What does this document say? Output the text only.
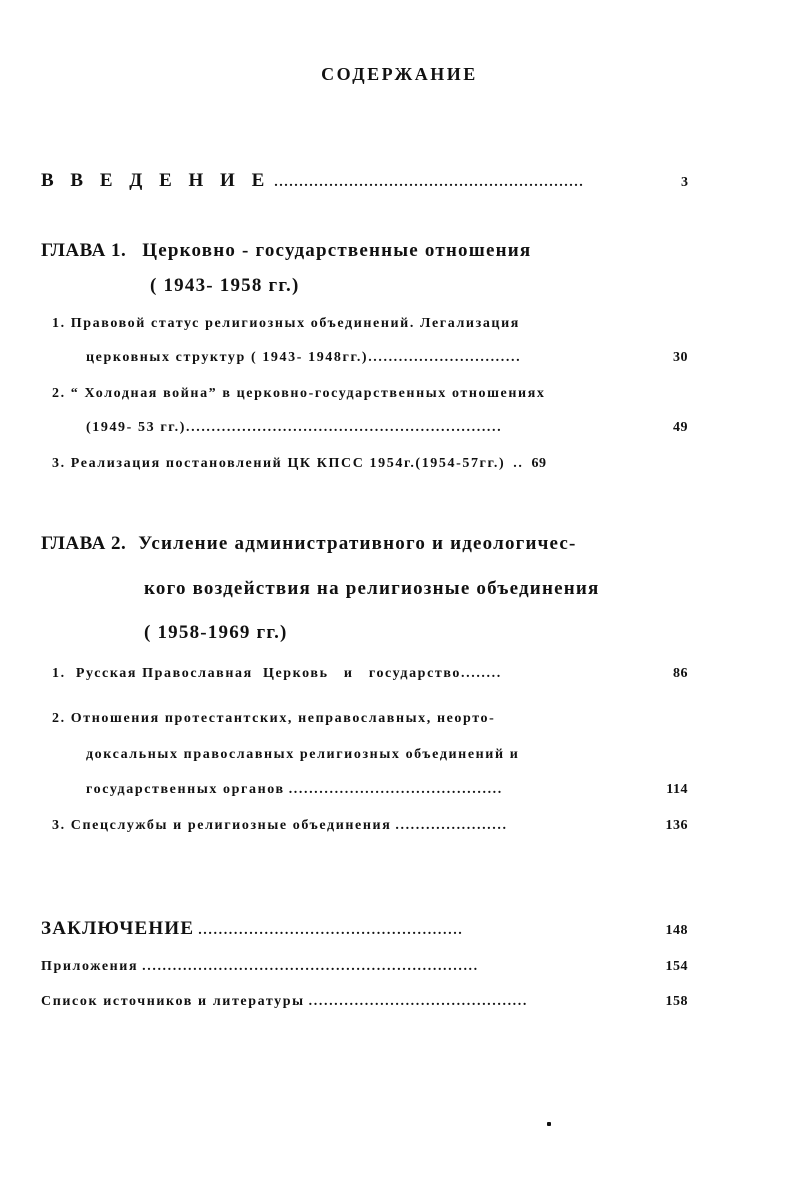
СОДЕРЖАНИЕ
В В Е Д Е Н И Е ..............................................................	3
ГЛАВА 1. Церковно - государственные отношения
( 1943- 1958 гг.)
1. Правовой статус религиозных объединений. Легализация
церковных структур ( 1943- 1948гг.) ..............................	30
2. “ Холодная война” в церковно-государственных отношениях
(1949- 53 гг.) ..............................................................	49
3. Реализация постановлений ЦК КПСС 1954г.(1954-57гг.) .. 69
ГЛАВА 2. Усиление административного и идеологичес-
кого воздействия на религиозные объединения
( 1958-1969 гг.)
1.  Русская Православная  Церковь   и   государство ........	86
2. Отношения протестантских, неправославных, неорто-
доксальных православных религиозных объединений и
государственных органов ..........................................	114
3. Спецслужбы и религиозные объединения ......................	136
ЗАКЛЮЧЕНИЕ ....................................................	148
Приложения ..................................................................	154
Список источников и литературы ...........................................	158
